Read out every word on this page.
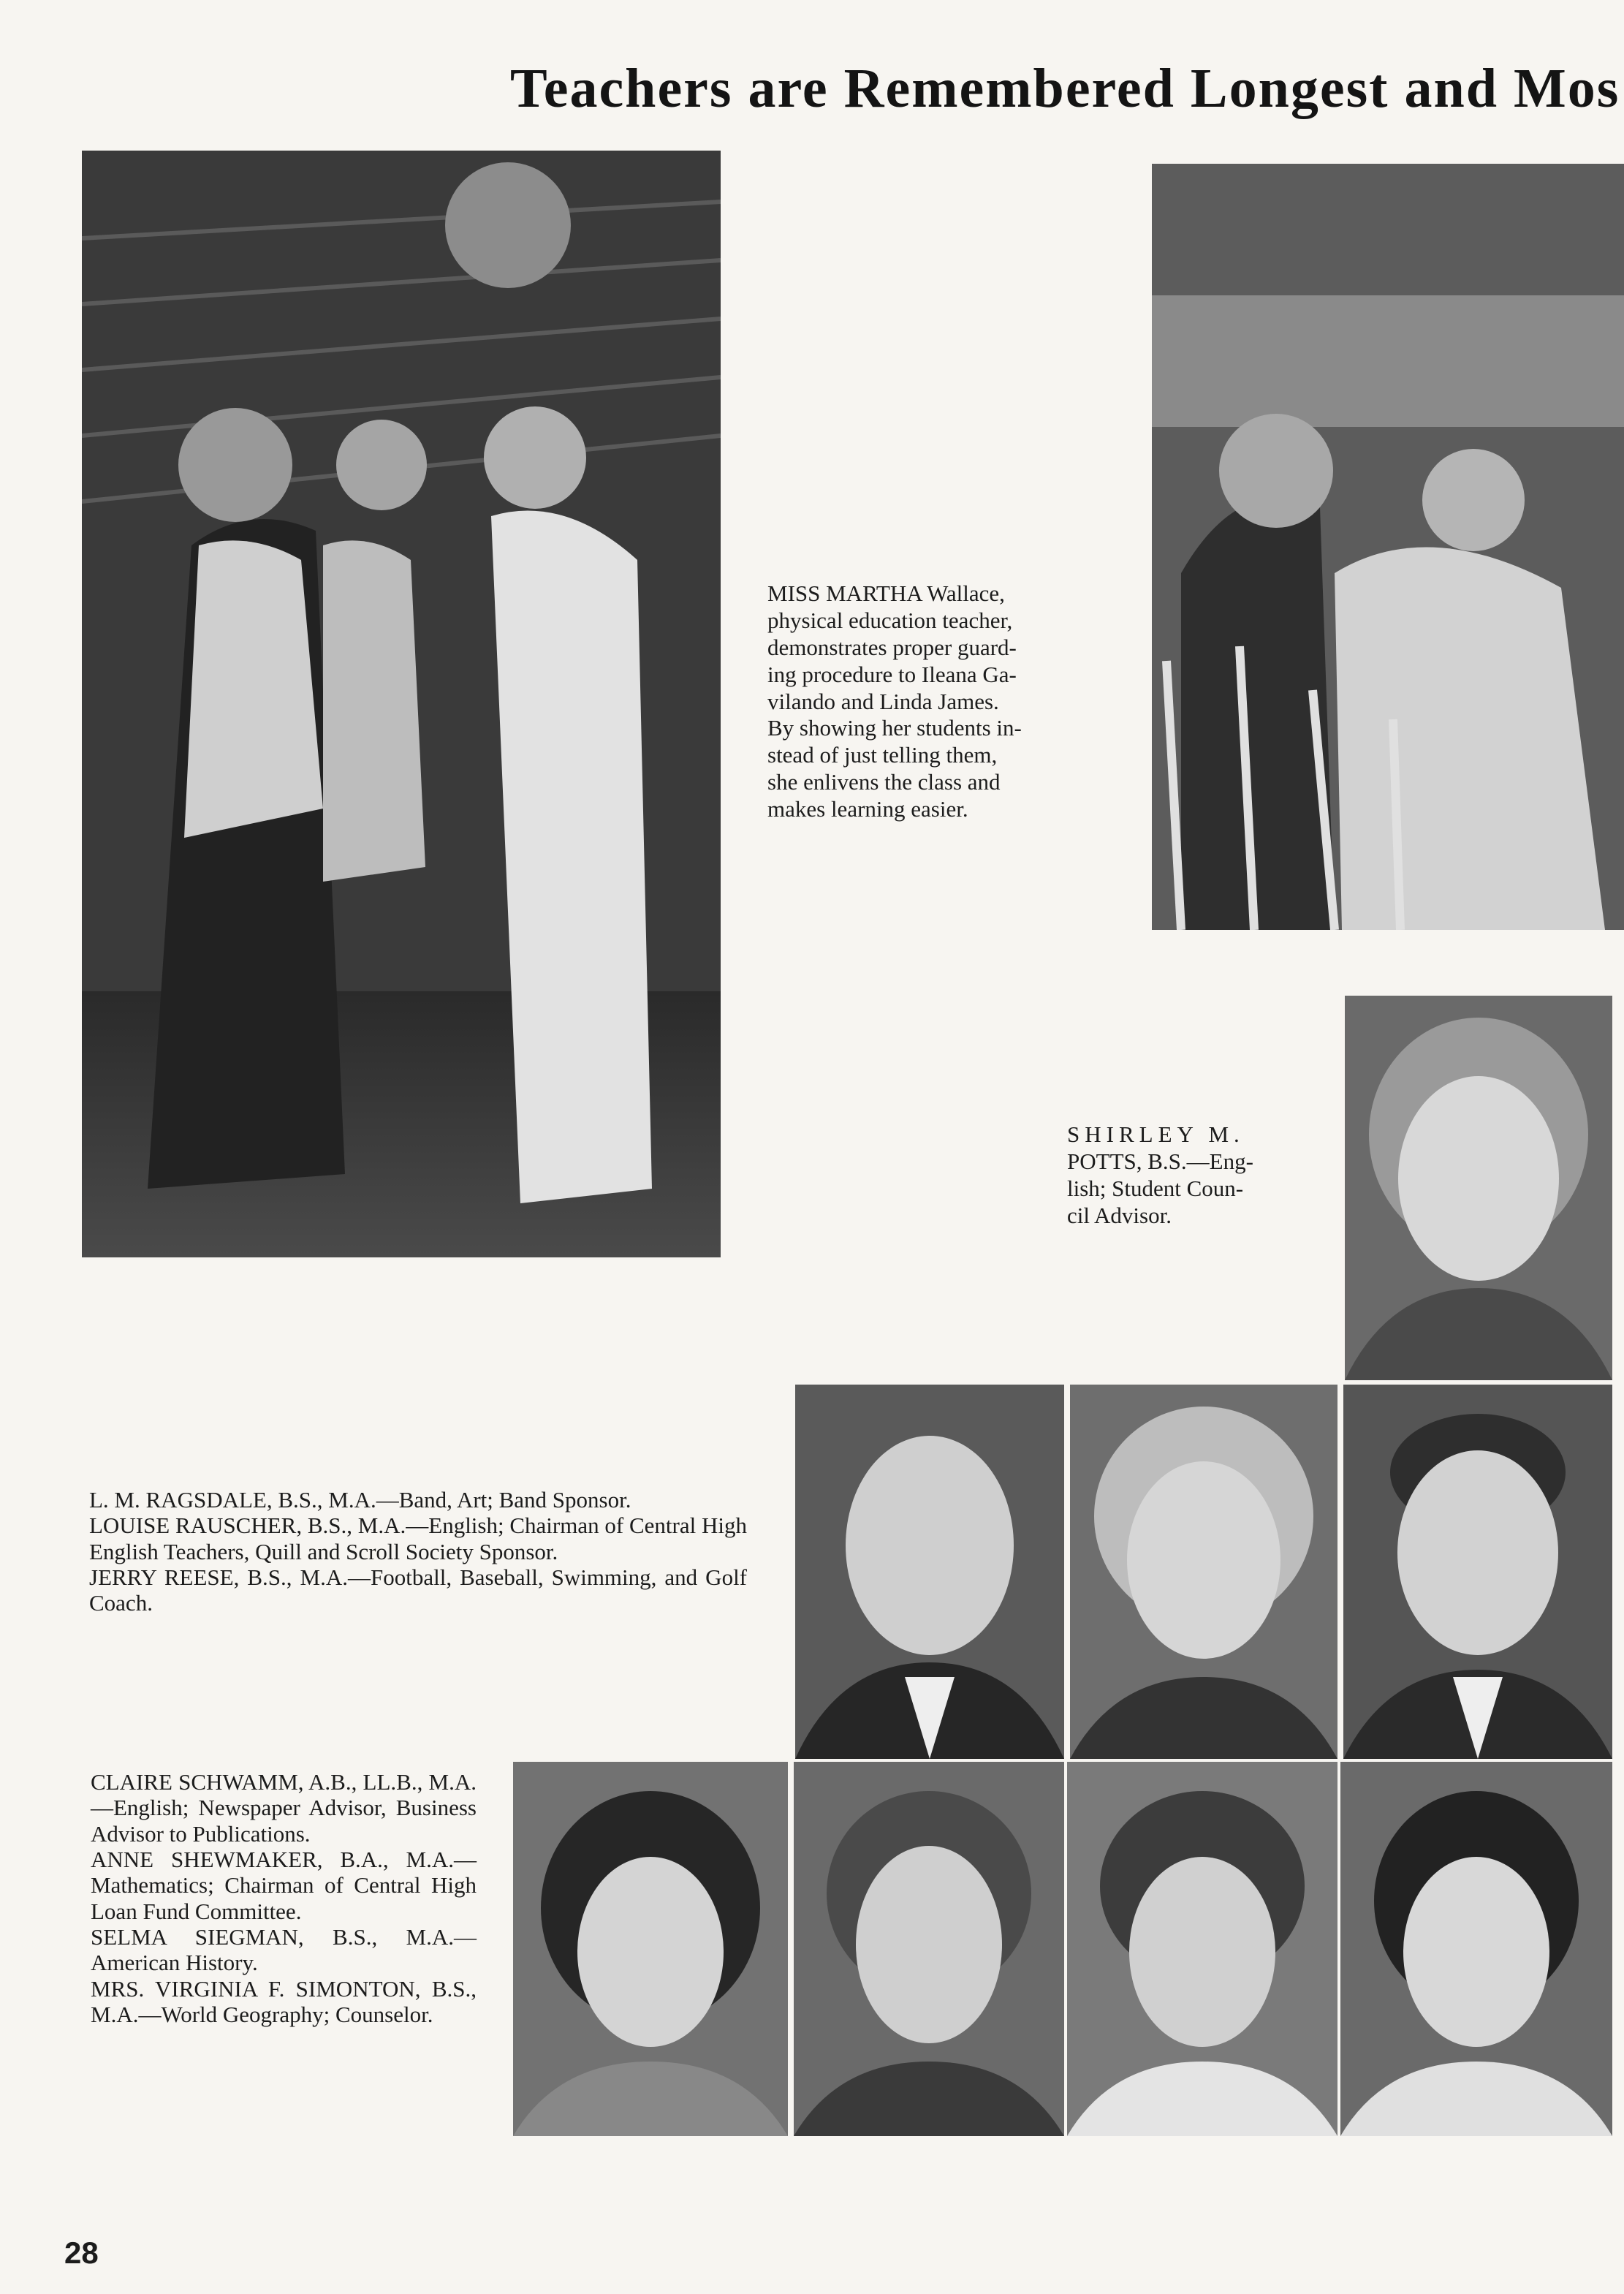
Teachers are Remembered Longest and Mos
MISS MARTHA Wallace,
physical education teacher,
demonstrates proper guard-
ing procedure to Ileana Ga-
vilando and Linda James.
By showing her students in-
stead of just telling them,
she enlivens the class and
makes learning easier.
SHIRLEY M.
POTTS, B.S.—Eng-
lish; Student Coun-
cil Advisor.

L. M. RAGSDALE, B.S., M.A.—Band, Art; Band Sponsor.

LOUISE RAUSCHER, B.S., M.A.—English; Chairman of Central High English Teachers, Quill and Scroll Society Sponsor.

JERRY REESE, B.S., M.A.—Football, Baseball, Swimming, and Golf Coach.

CLAIRE SCHWAMM, A.B., LL.B., M.A.—English; Newspaper Advisor, Business Advisor to Publications.

ANNE SHEWMAKER, B.A., M.A.—Mathematics; Chairman of Central High Loan Fund Committee.

SELMA SIEGMAN, B.S., M.A.—American History.

MRS. VIRGINIA F. SIMONTON, B.S., M.A.—World Geography; Counselor.

28
